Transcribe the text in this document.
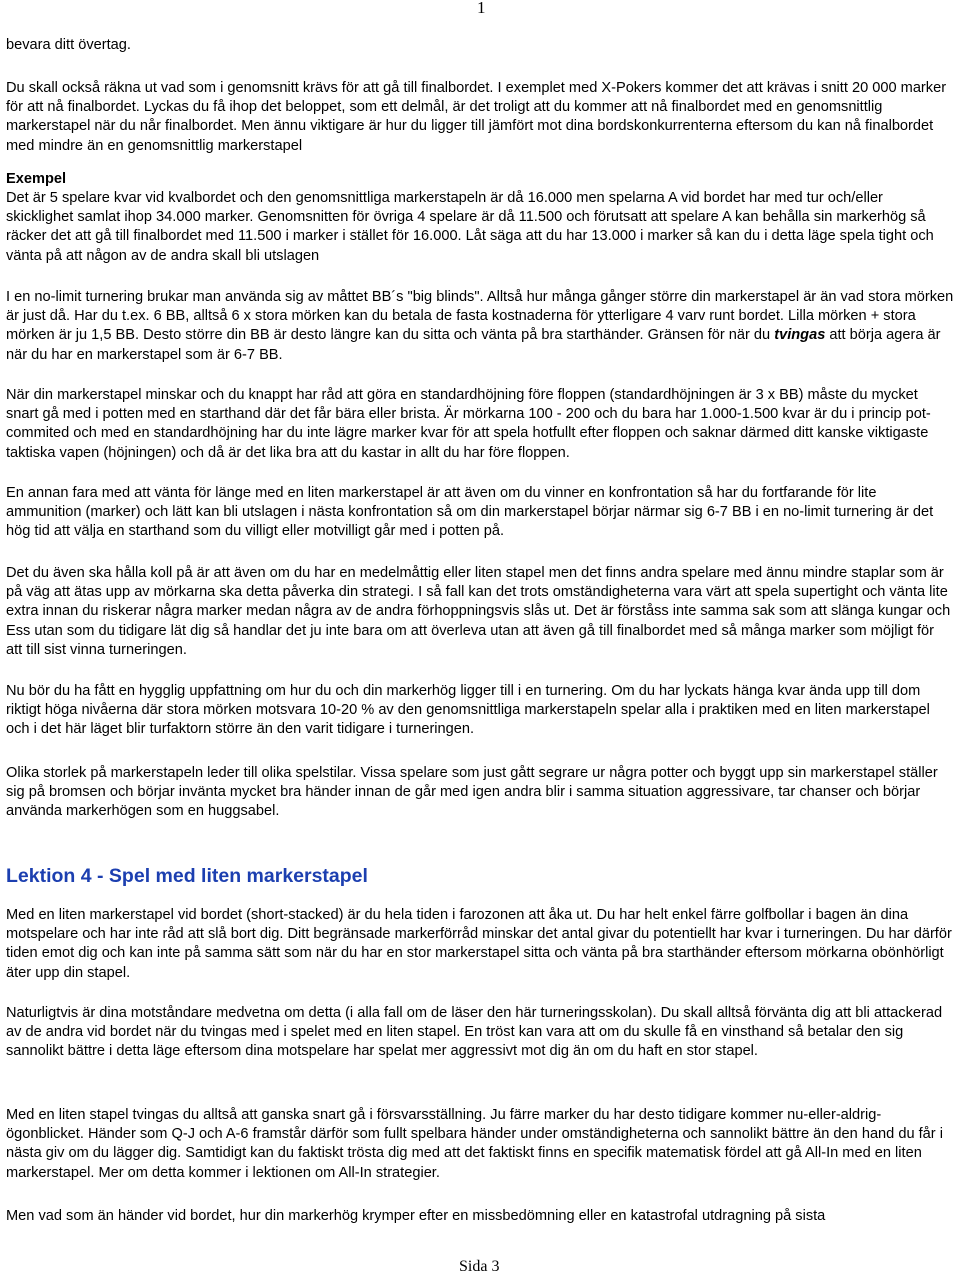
1

bevara ditt övertag.

Du skall också räkna ut vad som i genomsnitt krävs för att gå till finalbordet. I exemplet med X-Pokers kommer det att krävas i snitt 20 000 marker för att nå finalbordet. Lyckas du få ihop det beloppet, som ett delmål, är det troligt att du kommer att nå finalbordet med en genomsnittlig markerstapel när du når finalbordet. Men ännu viktigare är hur du ligger till jämfört mot dina bordskonkurrenterna eftersom du kan nå finalbordet med mindre än en genomsnittlig markerstapel

Exempel

Det är 5 spelare kvar vid kvalbordet och den genomsnittliga markerstapeln är då 16.000 men spelarna A vid bordet har med tur och/eller skicklighet samlat ihop 34.000 marker. Genomsnitten för övriga 4 spelare är då 11.500 och förutsatt att spelare A kan behålla sin markerhög så räcker det att gå till finalbordet med 11.500 i marker i stället för 16.000. Låt säga att du har 13.000 i marker så kan du i detta läge spela tight och vänta på att någon av de andra skall bli utslagen

I en no-limit turnering brukar man använda sig av måttet BB´s "big blinds". Alltså hur många gånger större din markerstapel är än vad stora mörken är just då. Har du t.ex. 6 BB, alltså 6 x stora mörken kan du betala de fasta kostnaderna för ytterligare 4 varv runt bordet. Lilla mörken + stora mörken är ju 1,5 BB. Desto större din BB är desto längre kan du sitta och vänta på bra starthänder. Gränsen för när du tvingas att börja agera är när du har en markerstapel som är 6-7 BB.

När din markerstapel minskar och du knappt har råd att göra en standardhöjning före floppen (standardhöjningen är 3 x BB) måste du mycket snart gå med i potten med en starthand där det får bära eller brista. Är mörkarna 100 - 200 och du bara har 1.000-1.500 kvar är du i princip pot-commited och med en standardhöjning har du inte lägre marker kvar för att spela hotfullt efter floppen och saknar därmed ditt kanske viktigaste taktiska vapen (höjningen) och då är det lika bra att du kastar in allt du har före floppen.

En annan fara med att vänta för länge med en liten markerstapel är att även om du vinner en konfrontation så har du fortfarande för lite ammunition (marker) och lätt kan bli utslagen i nästa konfrontation så om din markerstapel börjar närmar sig 6-7 BB i en no-limit turnering är det hög tid att välja en starthand som du villigt eller motvilligt går med i potten på.

Det du även ska hålla koll på är att även om du har en medelmåttig eller liten stapel men det finns andra spelare med ännu mindre staplar som är på väg att ätas upp av mörkarna ska detta påverka din strategi. I så fall kan det trots omständigheterna vara värt att spela supertight och vänta lite extra innan du riskerar några marker medan några av de andra förhoppningsvis slås ut. Det är förståss inte samma sak som att slänga kungar och Ess utan som du tidigare lät dig så handlar det ju inte bara om att överleva utan att även gå till finalbordet med så många marker som möjligt för att till sist vinna turneringen.

Nu bör du ha fått en hygglig uppfattning om hur du och din markerhög ligger till i en turnering. Om du har lyckats hänga kvar ända upp till dom riktigt höga nivåerna där stora mörken motsvara 10-20 % av den genomsnittliga markerstapeln spelar alla i praktiken med en liten markerstapel och i det här läget blir turfaktorn större än den varit tidigare i turneringen.

Olika storlek på markerstapeln leder till olika spelstilar. Vissa spelare som just gått segrare ur några potter och byggt upp sin markerstapel ställer sig på bromsen och börjar invänta mycket bra händer innan de går med igen andra blir i samma situation aggressivare, tar chanser och börjar använda markerhögen som en huggsabel.

Lektion 4 - Spel med liten markerstapel

Med en liten markerstapel vid bordet (short-stacked) är du hela tiden i farozonen att åka ut. Du har helt enkel färre golfbollar i bagen än dina motspelare och har inte råd att slå bort dig. Ditt begränsade markerförråd minskar det antal givar du potentiellt har kvar i turneringen. Du har därför tiden emot dig och kan inte på samma sätt som när du har en stor markerstapel sitta och vänta på bra starthänder eftersom mörkarna obönhörligt äter upp din stapel.

Naturligtvis är dina motståndare medvetna om detta (i alla fall om de läser den här turneringsskolan). Du skall alltså förvänta dig att bli attackerad av de andra vid bordet när du tvingas med i spelet med en liten stapel. En tröst kan vara att om du skulle få en vinsthand så betalar den sig sannolikt bättre i detta läge eftersom dina motspelare har spelat mer aggressivt mot dig än om du haft en stor stapel.

Med en liten stapel tvingas du alltså att ganska snart gå i försvarsställning. Ju färre marker du har desto tidigare kommer nu-eller-aldrig-ögonblicket. Händer som Q-J och A-6 framstår därför som fullt spelbara händer under omständigheterna och sannolikt bättre än den hand du får i nästa giv om du lägger dig. Samtidigt kan du faktiskt trösta dig med att det faktiskt finns en specifik matematisk fördel att gå All-In med en liten markerstapel. Mer om detta kommer i lektionen om All-In strategier.

Men vad som än händer vid bordet, hur din markerhög krymper efter en missbedömning eller en katastrofal utdragning på sista

Sida 3
